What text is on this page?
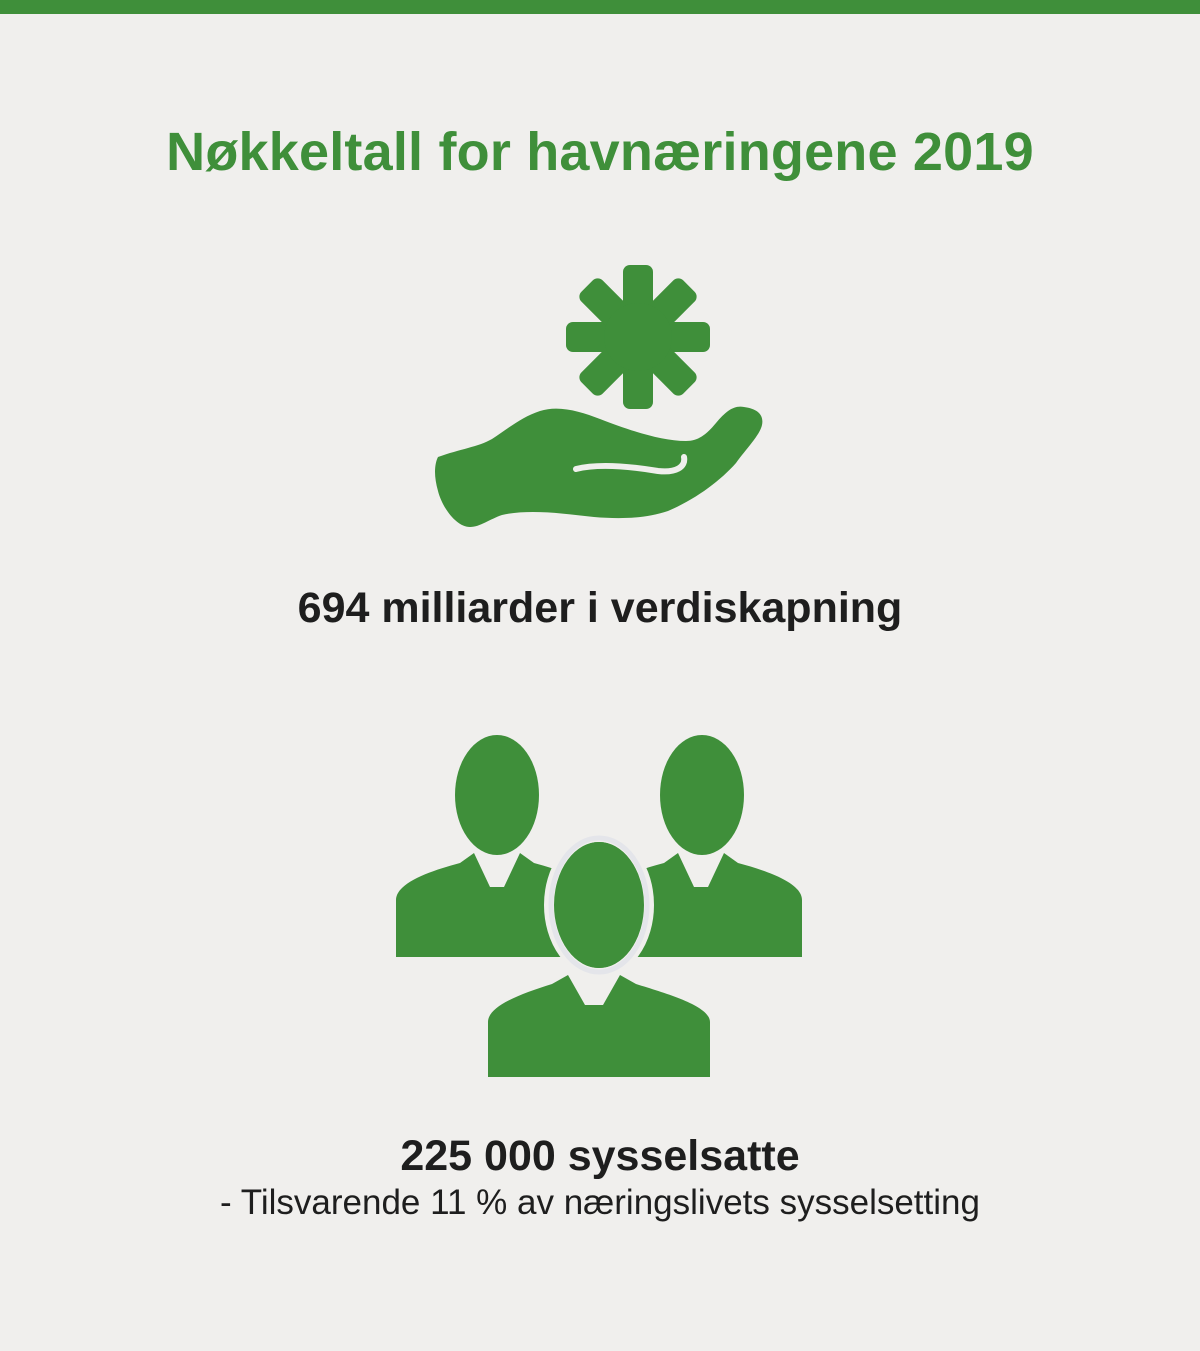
Nøkkeltall for havnæringene 2019
694 milliarder i verdiskapning
225 000 sysselsatte
- Tilsvarende 11 % av næringslivets sysselsetting
